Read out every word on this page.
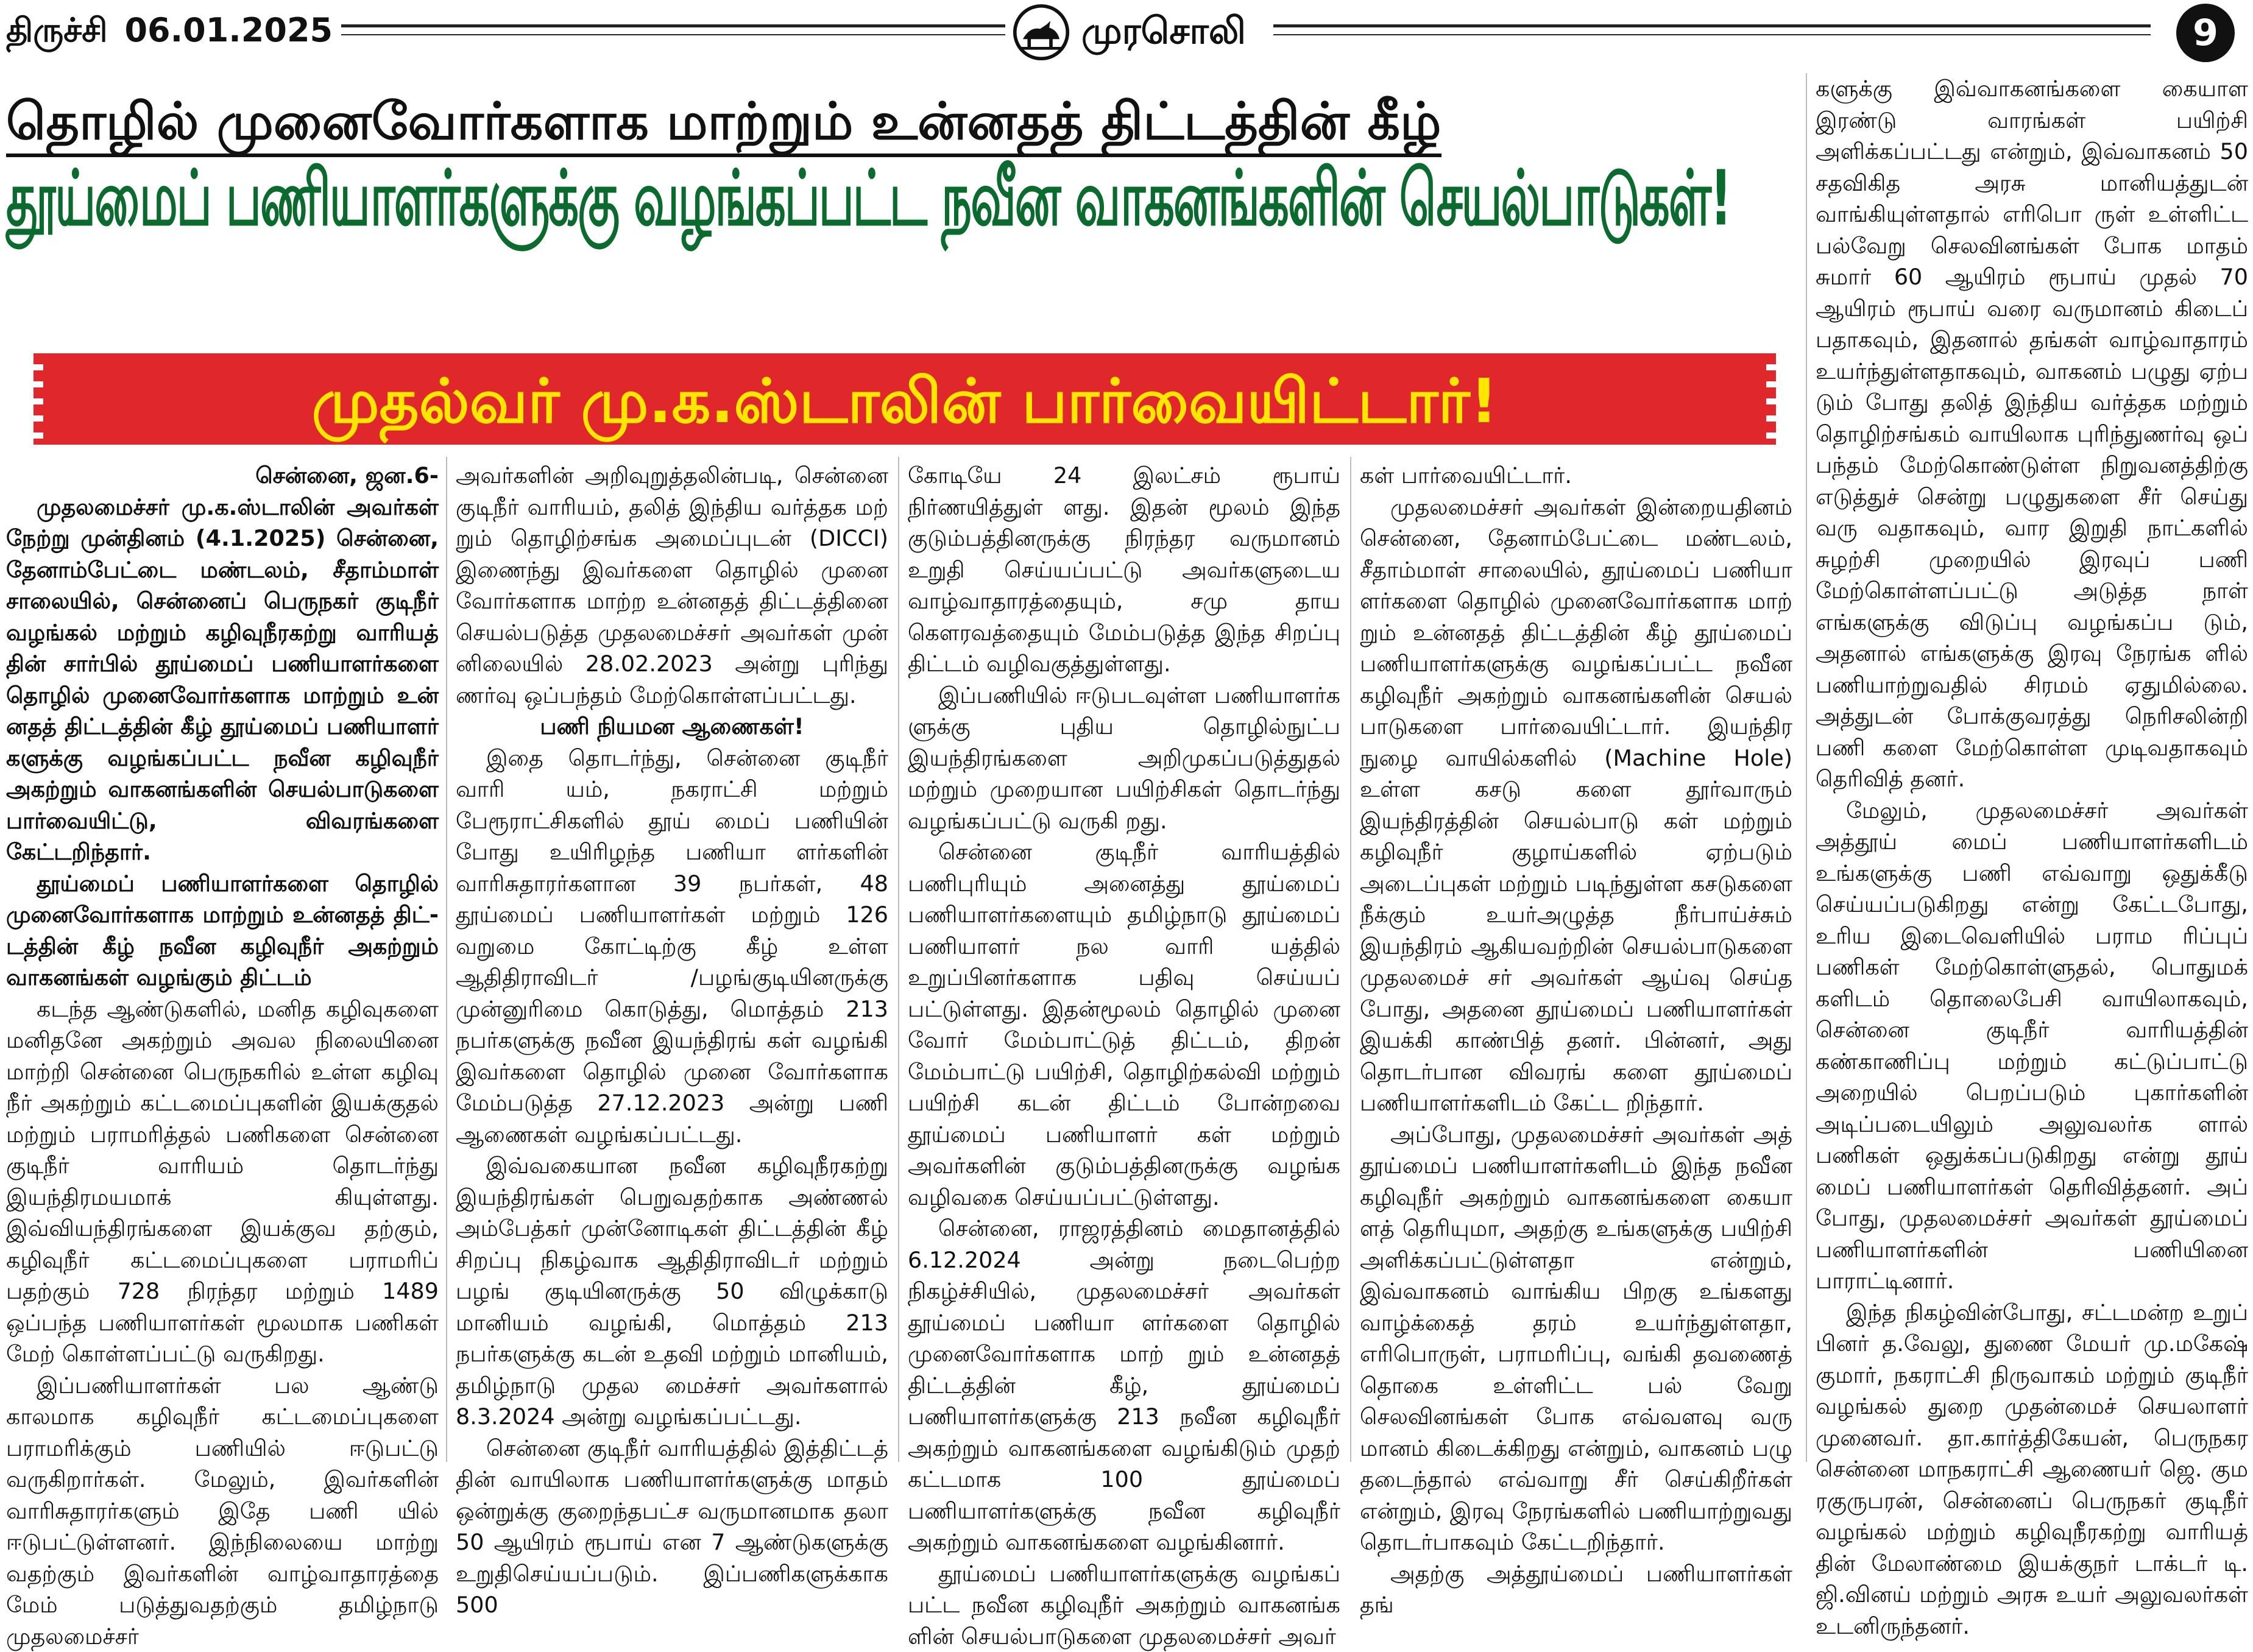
திருச்சி 06.01.2025	முரசொலி	9
தொழில் முனைவோர்களாக மாற்றும் உன்னதத் திட்டத்தின் கீழ்
தூய்மைப் பணியாளர்களுக்கு வழங்கப்பட்ட நவீன வாகனங்களின் செயல்பாடுகள்!
முதல்வர் மு.க.ஸ்டாலின் பார்வையிட்டார்!

சென்னை, ஜன.6-

முதலமைச்சர் மு.க.ஸ்டாலின் அவர்கள் நேற்று முன்தினம் (4.1.2025) சென்னை, தேனாம்பேட்டை மண்டலம், சீதாம்மாள் சாலையில், சென்னைப் பெருநகர் குடிநீர் வழங்கல் மற்றும் கழிவுநீரகற்று வாரியத் தின் சார்பில் தூய்மைப் பணியாளர்களை தொழில் முனைவோர்களாக மாற்றும் உன் னதத் திட்டத்தின் கீழ் தூய்மைப் பணியாளர் களுக்கு வழங்கப்பட்ட நவீன கழிவுநீர் அகற்றும் வாகனங்களின் செயல்பாடுகளை பார்வையிட்டு, விவரங்களை கேட்டறிந்தார்.

தூய்மைப் பணியாளர்களை தொழில் முனைவோர்களாக மாற்றும் உன்னதத் திட்- டத்தின் கீழ் நவீன கழிவுநீர் அகற்றும் வாகனங்கள் வழங்கும் திட்டம்

கடந்த ஆண்டுகளில், மனித கழிவுகளை மனிதனே அகற்றும் அவல நிலையினை மாற்றி சென்னை பெருநகரில் உள்ள கழிவு நீர் அகற்றும் கட்டமைப்புகளின் இயக்குதல் மற்றும் பராமரித்தல் பணிகளை சென்னை குடிநீர் வாரியம் தொடர்ந்து இயந்திரமயமாக் கியுள்ளது. இவ்வியந்திரங்களை இயக்குவ தற்கும், கழிவுநீர் கட்டமைப்புகளை பராமரிப் பதற்கும் 728 நிரந்தர மற்றும் 1489 ஒப்பந்த பணியாளர்கள் மூலமாக பணிகள் மேற் கொள்ளப்பட்டு வருகிறது.

இப்பணியாளர்கள் பல ஆண்டு காலமாக கழிவுநீர் கட்டமைப்புகளை பராமரிக்கும் பணியில் ஈடுபட்டு வருகிறார்கள். மேலும், இவர்களின் வாரிசுதாரர்களும் இதே பணி யில் ஈடுபட்டுள்ளனர். இந்நிலையை மாற்று வதற்கும் இவர்களின் வாழ்வாதாரத்தை மேம் படுத்துவதற்கும் தமிழ்நாடு முதலமைச்சர்

அவர்களின் அறிவுறுத்தலின்படி, சென்னை குடிநீர் வாரியம், தலித் இந்திய வர்த்தக மற் றும் தொழிற்சங்க அமைப்புடன் (DICCI) இணைந்து இவர்களை தொழில் முனை வோர்களாக மாற்ற உன்னதத் திட்டத்தினை செயல்படுத்த முதலமைச்சர் அவர்கள் முன் னிலையில் 28.02.2023 அன்று புரிந்து ணர்வு ஒப்பந்தம் மேற்கொள்ளப்பட்டது.

பணி நியமன ஆணைகள்!

இதை தொடர்ந்து, சென்னை குடிநீர் வாரி யம், நகராட்சி மற்றும் பேரூராட்சிகளில் தூய் மைப் பணியின் போது உயிரிழந்த பணியா ளர்களின் வாரிசுதாரர்களான 39 நபர்கள், 48 தூய்மைப் பணியாளர்கள் மற்றும் 126 வறுமை கோட்டிற்கு கீழ் உள்ள ஆதிதிராவிடர் /பழங்குடியினருக்கு முன்னுரிமை கொடுத்து, மொத்தம் 213 நபர்களுக்கு நவீன இயந்திரங் கள் வழங்கி இவர்களை தொழில் முனை வோர்களாக மேம்படுத்த 27.12.2023 அன்று பணி ஆணைகள் வழங்கப்பட்டது.

இவ்வகையான நவீன கழிவுநீரகற்று இயந்திரங்கள் பெறுவதற்காக அண்ணல் அம்பேத்கர் முன்னோடிகள் திட்டத்தின் கீழ் சிறப்பு நிகழ்வாக ஆதிதிராவிடர் மற்றும் பழங் குடியினருக்கு 50 விழுக்காடு மானியம் வழங்கி, மொத்தம் 213 நபர்களுக்கு கடன் உதவி மற்றும் மானியம், தமிழ்நாடு முதல மைச்சர் அவர்களால் 8.3.2024 அன்று வழங்கப்பட்டது.

சென்னை குடிநீர் வாரியத்தில் இத்திட்டத் தின் வாயிலாக பணியாளர்களுக்கு மாதம் ஒன்றுக்கு குறைந்தபட்ச வருமானமாக தலா 50 ஆயிரம் ரூபாய் என 7 ஆண்டுகளுக்கு உறுதிசெய்யப்படும். இப்பணிகளுக்காக 500

கோடியே 24 இலட்சம் ரூபாய் நிர்ணயித்துள் ளது. இதன் மூலம் இந்த குடும்பத்தினருக்கு நிரந்தர வருமானம் உறுதி செய்யப்பட்டு அவர்களுடைய வாழ்வாதாரத்தையும், சமு தாய கௌரவத்தையும் மேம்படுத்த இந்த சிறப்பு திட்டம் வழிவகுத்துள்ளது.

இப்பணியில் ஈடுபடவுள்ள பணியாளர்க ளுக்கு புதிய தொழில்நுட்ப இயந்திரங்களை அறிமுகப்படுத்துதல் மற்றும் முறையான பயிற்சிகள் தொடர்ந்து வழங்கப்பட்டு வருகி றது.

சென்னை குடிநீர் வாரியத்தில் பணிபுரியும் அனைத்து தூய்மைப் பணியாளர்களையும் தமிழ்நாடு தூய்மைப் பணியாளர் நல வாரி யத்தில் உறுப்பினர்களாக பதிவு செய்யப் பட்டுள்ளது. இதன்மூலம் தொழில் முனை வோர் மேம்பாட்டுத் திட்டம், திறன் மேம்பாட்டு பயிற்சி, தொழிற்கல்வி மற்றும் பயிற்சி கடன் திட்டம் போன்றவை தூய்மைப் பணியாளர் கள் மற்றும் அவர்களின் குடும்பத்தினருக்கு வழங்க வழிவகை செய்யப்பட்டுள்ளது.

சென்னை, ராஜரத்தினம் மைதானத்தில் 6.12.2024 அன்று நடைபெற்ற நிகழ்ச்சியில், முதலமைச்சர் அவர்கள் தூய்மைப் பணியா ளர்களை தொழில் முனைவோர்களாக மாற் றும் உன்னதத் திட்டத்தின் கீழ், தூய்மைப் பணியாளர்களுக்கு 213 நவீன கழிவுநீர் அகற்றும் வாகனங்களை வழங்கிடும் முதற் கட்டமாக 100 தூய்மைப் பணியாளர்களுக்கு நவீன கழிவுநீர் அகற்றும் வாகனங்களை வழங்கினார்.

தூய்மைப் பணியாளர்களுக்கு வழங்கப் பட்ட நவீன கழிவுநீர் அகற்றும் வாகனங்க ளின் செயல்பாடுகளை முதலமைச்சர் அவர்

கள் பார்வையிட்டார்.

முதலமைச்சர் அவர்கள் இன்றையதினம் சென்னை, தேனாம்பேட்டை மண்டலம், சீதாம்மாள் சாலையில், தூய்மைப் பணியா ளர்களை தொழில் முனைவோர்களாக மாற் றும் உன்னதத் திட்டத்தின் கீழ் தூய்மைப் பணியாளர்களுக்கு வழங்கப்பட்ட நவீன கழிவுநீர் அகற்றும் வாகனங்களின் செயல் பாடுகளை பார்வையிட்டார். இயந்திர நுழை வாயில்களில் (Machine Hole) உள்ள கசடு களை தூர்வாரும் இயந்திரத்தின் செயல்பாடு கள் மற்றும் கழிவுநீர் குழாய்களில் ஏற்படும் அடைப்புகள் மற்றும் படிந்துள்ள கசடுகளை நீக்கும் உயர்அழுத்த நீர்பாய்ச்சும் இயந்திரம் ஆகியவற்றின் செயல்பாடுகளை முதலமைச் சர் அவர்கள் ஆய்வு செய்த போது, அதனை தூய்மைப் பணியாளர்கள் இயக்கி காண்பித் தனர். பின்னர், அது தொடர்பான விவரங் களை தூய்மைப் பணியாளர்களிடம் கேட்ட றிந்தார்.

அப்போது, முதலமைச்சர் அவர்கள் அத் தூய்மைப் பணியாளர்களிடம் இந்த நவீன கழிவுநீர் அகற்றும் வாகனங்களை கையா ளத் தெரியுமா, அதற்கு உங்களுக்கு பயிற்சி அளிக்கப்பட்டுள்ளதா என்றும், இவ்வாகனம் வாங்கிய பிறகு உங்களது வாழ்க்கைத் தரம் உயர்ந்துள்ளதா, எரிபொருள், பராமரிப்பு, வங்கி தவணைத் தொகை உள்ளிட்ட பல் வேறு செலவினங்கள் போக எவ்வளவு வரு மானம் கிடைக்கிறது என்றும், வாகனம் பழு தடைந்தால் எவ்வாறு சீர் செய்கிறீர்கள் என்றும், இரவு நேரங்களில் பணியாற்றுவது தொடர்பாகவும் கேட்டறிந்தார்.

அதற்கு அத்தூய்மைப் பணியாளர்கள் தங்

களுக்கு இவ்வாகனங்களை கையாள இரண்டு வாரங்கள் பயிற்சி அளிக்கப்பட்டது என்றும், இவ்வாகனம் 50 சதவிகித அரசு மானியத்துடன் வாங்கியுள்ளதால் எரிபொ ருள் உள்ளிட்ட பல்வேறு செலவினங்கள் போக மாதம் சுமார் 60 ஆயிரம் ரூபாய் முதல் 70 ஆயிரம் ரூபாய் வரை வருமானம் கிடைப் பதாகவும், இதனால் தங்கள் வாழ்வாதாரம் உயர்ந்துள்ளதாகவும், வாகனம் பழுது ஏற்ப டும் போது தலித் இந்திய வர்த்தக மற்றும் தொழிற்சங்கம் வாயிலாக புரிந்துணர்வு ஒப் பந்தம் மேற்கொண்டுள்ள நிறுவனத்திற்கு எடுத்துச் சென்று பழுதுகளை சீர் செய்து வரு வதாகவும், வார இறுதி நாட்களில் சுழற்சி முறையில் இரவுப் பணி மேற்கொள்ளப்பட்டு அடுத்த நாள் எங்களுக்கு விடுப்பு வழங்கப்ப டும், அதனால் எங்களுக்கு இரவு நேரங்க ளில் பணியாற்றுவதில் சிரமம் ஏதுமில்லை. அத்துடன் போக்குவரத்து நெரிசலின்றி பணி களை மேற்கொள்ள முடிவதாகவும் தெரிவித் தனர்.

மேலும், முதலமைச்சர் அவர்கள் அத்தூய் மைப் பணியாளர்களிடம் உங்களுக்கு பணி எவ்வாறு ஒதுக்கீடு செய்யப்படுகிறது என்று கேட்டபோது, உரிய இடைவெளியில் பராம ரிப்புப் பணிகள் மேற்கொள்ளுதல், பொதுமக் களிடம் தொலைபேசி வாயிலாகவும், சென்னை குடிநீர் வாரியத்தின் கண்காணிப்பு மற்றும் கட்டுப்பாட்டு அறையில் பெறப்படும் புகார்களின் அடிப்படையிலும் அலுவலர்க ளால் பணிகள் ஒதுக்கப்படுகிறது என்று தூய் மைப் பணியாளர்கள் தெரிவித்தனர். அப் போது, முதலமைச்சர் அவர்கள் தூய்மைப் பணியாளர்களின் பணியினை பாராட்டினார்.

இந்த நிகழ்வின்போது, சட்டமன்ற உறுப் பினர் த.வேலு, துணை மேயர் மு.மகேஷ் குமார், நகராட்சி நிருவாகம் மற்றும் குடிநீர் வழங்கல் துறை முதன்மைச் செயலாளர் முனைவர். தா.கார்த்திகேயன், பெருநகர சென்னை மாநகராட்சி ஆணையர் ஜெ. கும ரகுருபரன், சென்னைப் பெருநகர் குடிநீர் வழங்கல் மற்றும் கழிவுநீரகற்று வாரியத் தின் மேலாண்மை இயக்குநர் டாக்டர் டி. ஜி.வினய் மற்றும் அரசு உயர் அலுவலர்கள் உடனிருந்தனர்.
